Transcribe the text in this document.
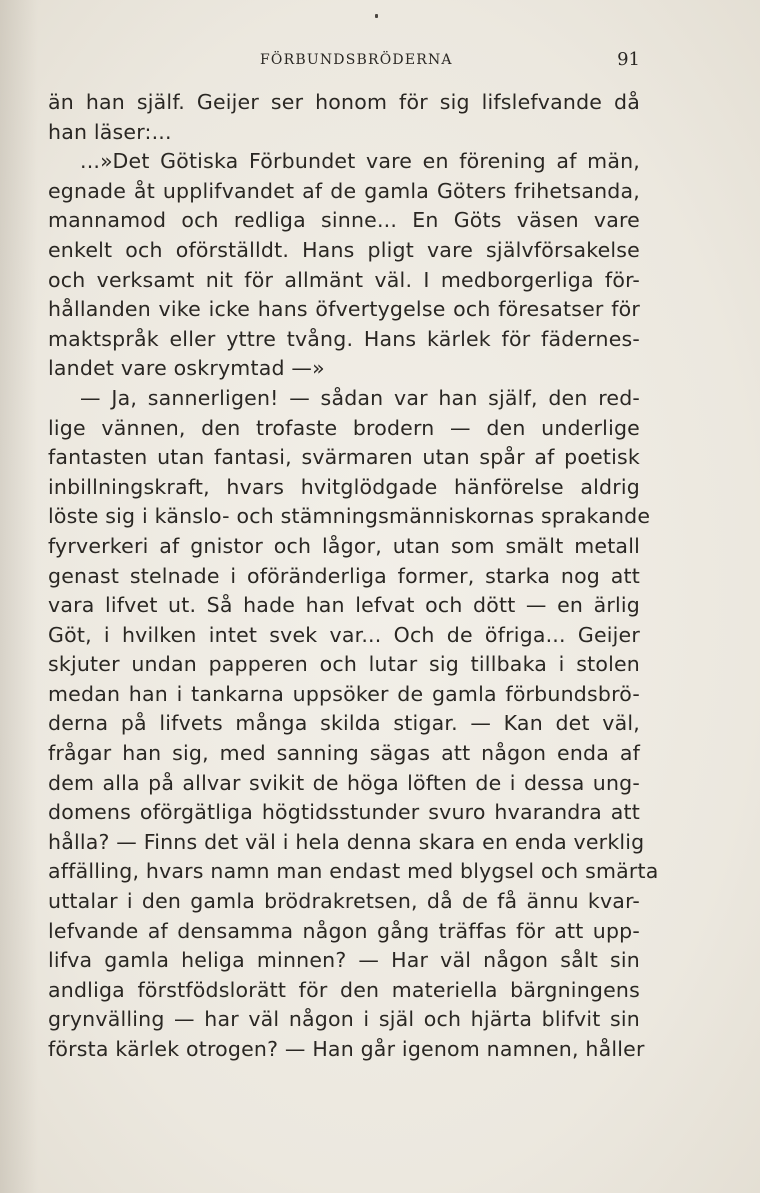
FÖRBUNDSBRÖDERNA	91
än han själf. Geijer ser honom för sig lifslefvande då
han läser:...
...»Det Götiska Förbundet vare en förening af män,
egnade åt upplifvandet af de gamla Göters frihetsanda,
mannamod och redliga sinne... En Göts väsen vare
enkelt och oförställdt. Hans pligt vare självförsakelse
och verksamt nit för allmänt väl. I medborgerliga för-
hållanden vike icke hans öfvertygelse och föresatser för
maktspråk eller yttre tvång. Hans kärlek för fädernes-
landet vare oskrymtad —»
— Ja, sannerligen! — sådan var han själf, den red-
lige vännen, den trofaste brodern — den underlige
fantasten utan fantasi, svärmaren utan spår af poetisk
inbillningskraft, hvars hvitglödgade hänförelse aldrig
löste sig i känslo- och stämningsmänniskornas sprakande
fyrverkeri af gnistor och lågor, utan som smält metall
genast stelnade i oföränderliga former, starka nog att
vara lifvet ut. Så hade han lefvat och dött — en ärlig
Göt, i hvilken intet svek var... Och de öfriga... Geijer
skjuter undan papperen och lutar sig tillbaka i stolen
medan han i tankarna uppsöker de gamla förbundsbrö-
derna på lifvets många skilda stigar. — Kan det väl,
frågar han sig, med sanning sägas att någon enda af
dem alla på allvar svikit de höga löften de i dessa ung-
domens oförgätliga högtidsstunder svuro hvarandra att
hålla? — Finns det väl i hela denna skara en enda verklig
affälling, hvars namn man endast med blygsel och smärta
uttalar i den gamla brödrakretsen, då de få ännu kvar-
lefvande af densamma någon gång träffas för att upp-
lifva gamla heliga minnen? — Har väl någon sålt sin
andliga förstfödslorätt för den materiella bärgningens
grynvälling — har väl någon i själ och hjärta blifvit sin
första kärlek otrogen? — Han går igenom namnen, håller
